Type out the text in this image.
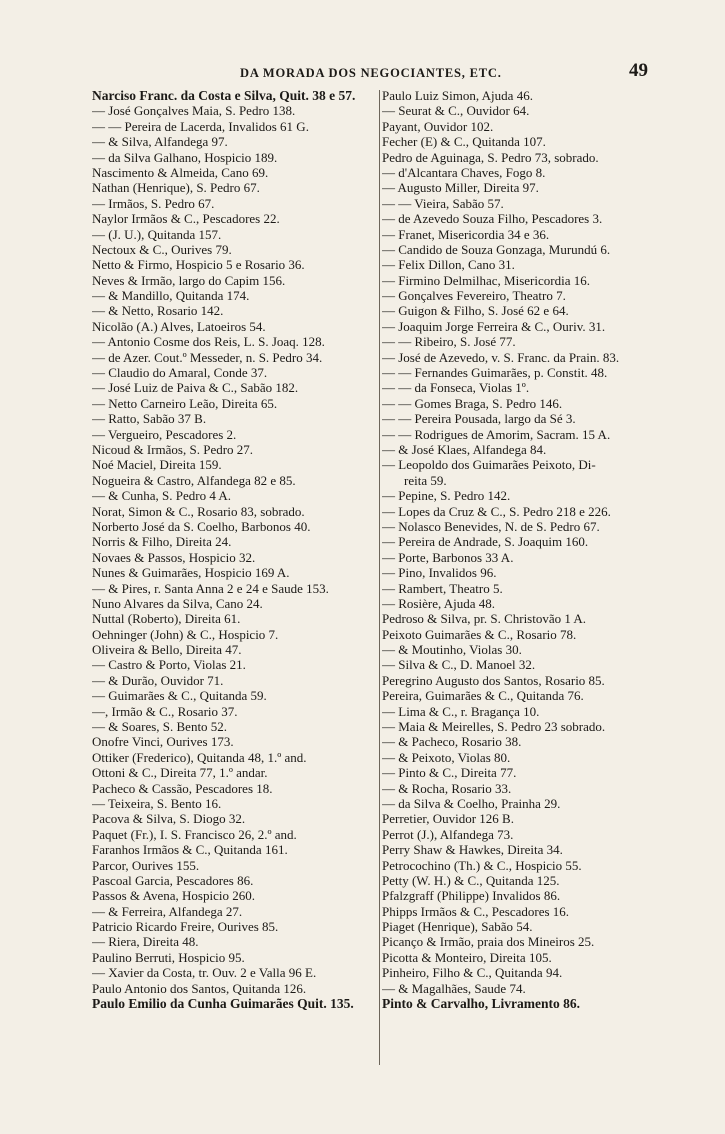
DA MORADA DOS NEGOCIANTES, ETC.	49
Narciso Franc. da Costa e Silva, Quit. 38 e 57.
— José Gonçalves Maia, S. Pedro 138.
— — Pereira de Lacerda, Invalidos 61 G.
— & Silva, Alfandega 97.
— da Silva Galhano, Hospicio 189.
Nascimento & Almeida, Cano 69.
Nathan (Henrique), S. Pedro 67.
— Irmãos, S. Pedro 67.
Naylor Irmãos & C., Pescadores 22.
— (J. U.), Quitanda 157.
Nectoux & C., Ourives 79.
Netto & Firmo, Hospicio 5 e Rosario 36.
Neves & Irmão, largo do Capim 156.
— & Mandillo, Quitanda 174.
— & Netto, Rosario 142.
Nicolão (A.) Alves, Latoeiros 54.
— Antonio Cosme dos Reis, L. S. Joaq. 128.
— de Azer. Cout.º Messeder, n. S. Pedro 34.
— Claudio do Amaral, Conde 37.
— José Luiz de Paiva & C., Sabão 182.
— Netto Carneiro Leão, Direita 65.
— Ratto, Sabão 37 B.
— Vergueiro, Pescadores 2.
Nicoud & Irmãos, S. Pedro 27.
Noé Maciel, Direita 159.
Nogueira & Castro, Alfandega 82 e 85.
— & Cunha, S. Pedro 4 A.
Norat, Simon & C., Rosario 83, sobrado.
Norberto José da S. Coelho, Barbonos 40.
Norris & Filho, Direita 24.
Novaes & Passos, Hospicio 32.
Nunes & Guimarães, Hospicio 169 A.
— & Pires, r. Santa Anna 2 e 24 e Saude 153.
Nuno Alvares da Silva, Cano 24.
Nuttal (Roberto), Direita 61.
Oehninger (John) & C., Hospicio 7.
Oliveira & Bello, Direita 47.
— Castro & Porto, Violas 21.
— & Durão, Ouvidor 71.
— Guimarães & C., Quitanda 59.
—, Irmão & C., Rosario 37.
— & Soares, S. Bento 52.
Onofre Vinci, Ourives 173.
Ottiker (Frederico), Quitanda 48, 1.º and.
Ottoni & C., Direita 77, 1.º andar.
Pacheco & Cassão, Pescadores 18.
— Teixeira, S. Bento 16.
Pacova & Silva, S. Diogo 32.
Paquet (Fr.), I. S. Francisco 26, 2.º and.
Faranhos Irmãos & C., Quitanda 161.
Parcor, Ourives 155.
Pascoal Garcia, Pescadores 86.
Passos & Avena, Hospicio 260.
— & Ferreira, Alfandega 27.
Patricio Ricardo Freire, Ourives 85.
— Riera, Direita 48.
Paulino Berruti, Hospicio 95.
— Xavier da Costa, tr. Ouv. 2 e Valla 96 E.
Paulo Antonio dos Santos, Quitanda 126.
Paulo Emilio da Cunha Guimarães Quit. 135.
Paulo Luiz Simon, Ajuda 46.
— Seurat & C., Ouvidor 64.
Payant, Ouvidor 102.
Fecher (E) & C., Quitanda 107.
Pedro de Aguinaga, S. Pedro 73, sobrado.
— d'Alcantara Chaves, Fogo 8.
— Augusto Miller, Direita 97.
— — Vieira, Sabão 57.
— de Azevedo Souza Filho, Pescadores 3.
— Franet, Misericordia 34 e 36.
— Candido de Souza Gonzaga, Murundú 6.
— Felix Dillon, Cano 31.
— Firmino Delmilhac, Misericordia 16.
— Gonçalves Fevereiro, Theatro 7.
— Guigon & Filho, S. José 62 e 64.
— Joaquim Jorge Ferreira & C., Ouriv. 31.
— — Ribeiro, S. José 77.
— José de Azevedo, v. S. Franc. da Prain. 83.
— — Fernandes Guimarães, p. Constit. 48.
— — da Fonseca, Violas 1º.
— — Gomes Braga, S. Pedro 146.
— — Pereira Pousada, largo da Sé 3.
— — Rodrigues de Amorim, Sacram. 15 A.
— & José Klaes, Alfandega 84.
— Leopoldo dos Guimarães Peixoto, Di-
reita 59.
— Pepine, S. Pedro 142.
— Lopes da Cruz & C., S. Pedro 218 e 226.
— Nolasco Benevides, N. de S. Pedro 67.
— Pereira de Andrade, S. Joaquim 160.
— Porte, Barbonos 33 A.
— Pino, Invalidos 96.
— Rambert, Theatro 5.
— Rosière, Ajuda 48.
Pedroso & Silva, pr. S. Christovão 1 A.
Peixoto Guimarães & C., Rosario 78.
— & Moutinho, Violas 30.
— Silva & C., D. Manoel 32.
Peregrino Augusto dos Santos, Rosario 85.
Pereira, Guimarães & C., Quitanda 76.
— Lima & C., r. Bragança 10.
— Maia & Meirelles, S. Pedro 23 sobrado.
— & Pacheco, Rosario 38.
— & Peixoto, Violas 80.
— Pinto & C., Direita 77.
— & Rocha, Rosario 33.
— da Silva & Coelho, Prainha 29.
Perretier, Ouvidor 126 B.
Perrot (J.), Alfandega 73.
Perry Shaw & Hawkes, Direita 34.
Petrocochino (Th.) & C., Hospicio 55.
Petty (W. H.) & C., Quitanda 125.
Pfalzgraff (Philippe) Invalidos 86.
Phipps Irmãos & C., Pescadores 16.
Piaget (Henrique), Sabão 54.
Picanço & Irmão, praia dos Mineiros 25.
Picotta & Monteiro, Direita 105.
Pinheiro, Filho & C., Quitanda 94.
— & Magalhães, Saude 74.
Pinto & Carvalho, Livramento 86.
